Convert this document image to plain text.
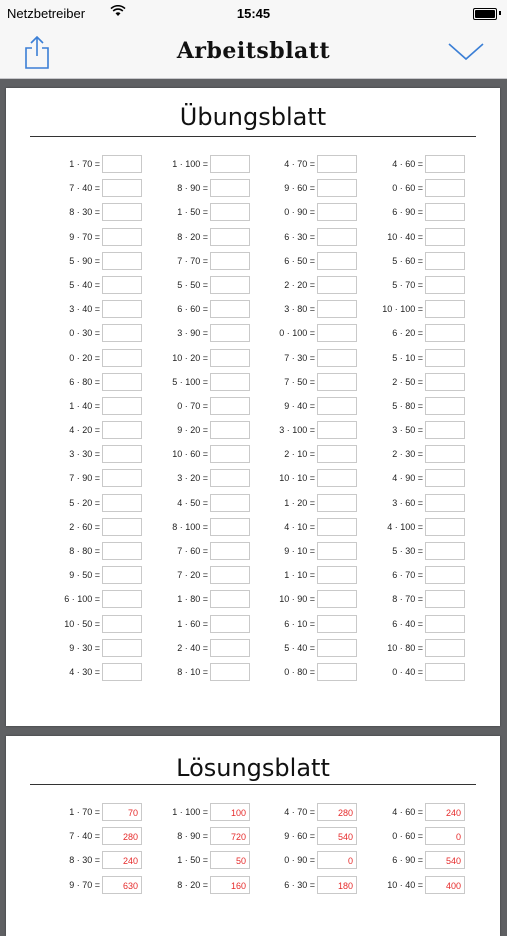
Netzbetreiber	15:45
Arbeitsblatt
Übungsblatt
1 · 70 =	1 · 100 =	4 · 70 =	4 · 60 =
7 · 40 =	8 · 90 =	9 · 60 =	0 · 60 =
8 · 30 =	1 · 50 =	0 · 90 =	6 · 90 =
9 · 70 =	8 · 20 =	6 · 30 =	10 · 40 =
5 · 90 =	7 · 70 =	6 · 50 =	5 · 60 =
5 · 40 =	5 · 50 =	2 · 20 =	5 · 70 =
3 · 40 =	6 · 60 =	3 · 80 =	10 · 100 =
0 · 30 =	3 · 90 =	0 · 100 =	6 · 20 =
0 · 20 =	10 · 20 =	7 · 30 =	5 · 10 =
6 · 80 =	5 · 100 =	7 · 50 =	2 · 50 =
1 · 40 =	0 · 70 =	9 · 40 =	5 · 80 =
4 · 20 =	9 · 20 =	3 · 100 =	3 · 50 =
3 · 30 =	10 · 60 =	2 · 10 =	2 · 30 =
7 · 90 =	3 · 20 =	10 · 10 =	4 · 90 =
5 · 20 =	4 · 50 =	1 · 20 =	3 · 60 =
2 · 60 =	8 · 100 =	4 · 10 =	4 · 100 =
8 · 80 =	7 · 60 =	9 · 10 =	5 · 30 =
9 · 50 =	7 · 20 =	1 · 10 =	6 · 70 =
6 · 100 =	1 · 80 =	10 · 90 =	8 · 70 =
10 · 50 =	1 · 60 =	6 · 10 =	6 · 40 =
9 · 30 =	2 · 40 =	5 · 40 =	10 · 80 =
4 · 30 =	8 · 10 =	0 · 80 =	0 · 40 =
Lösungsblatt
1 · 70 =	70	1 · 100 =	100	4 · 70 =	280	4 · 60 =	240
7 · 40 =	280	8 · 90 =	720	9 · 60 =	540	0 · 60 =	0
8 · 30 =	240	1 · 50 =	50	0 · 90 =	0	6 · 90 =	540
9 · 70 =	630	8 · 20 =	160	6 · 30 =	180	10 · 40 =	400
